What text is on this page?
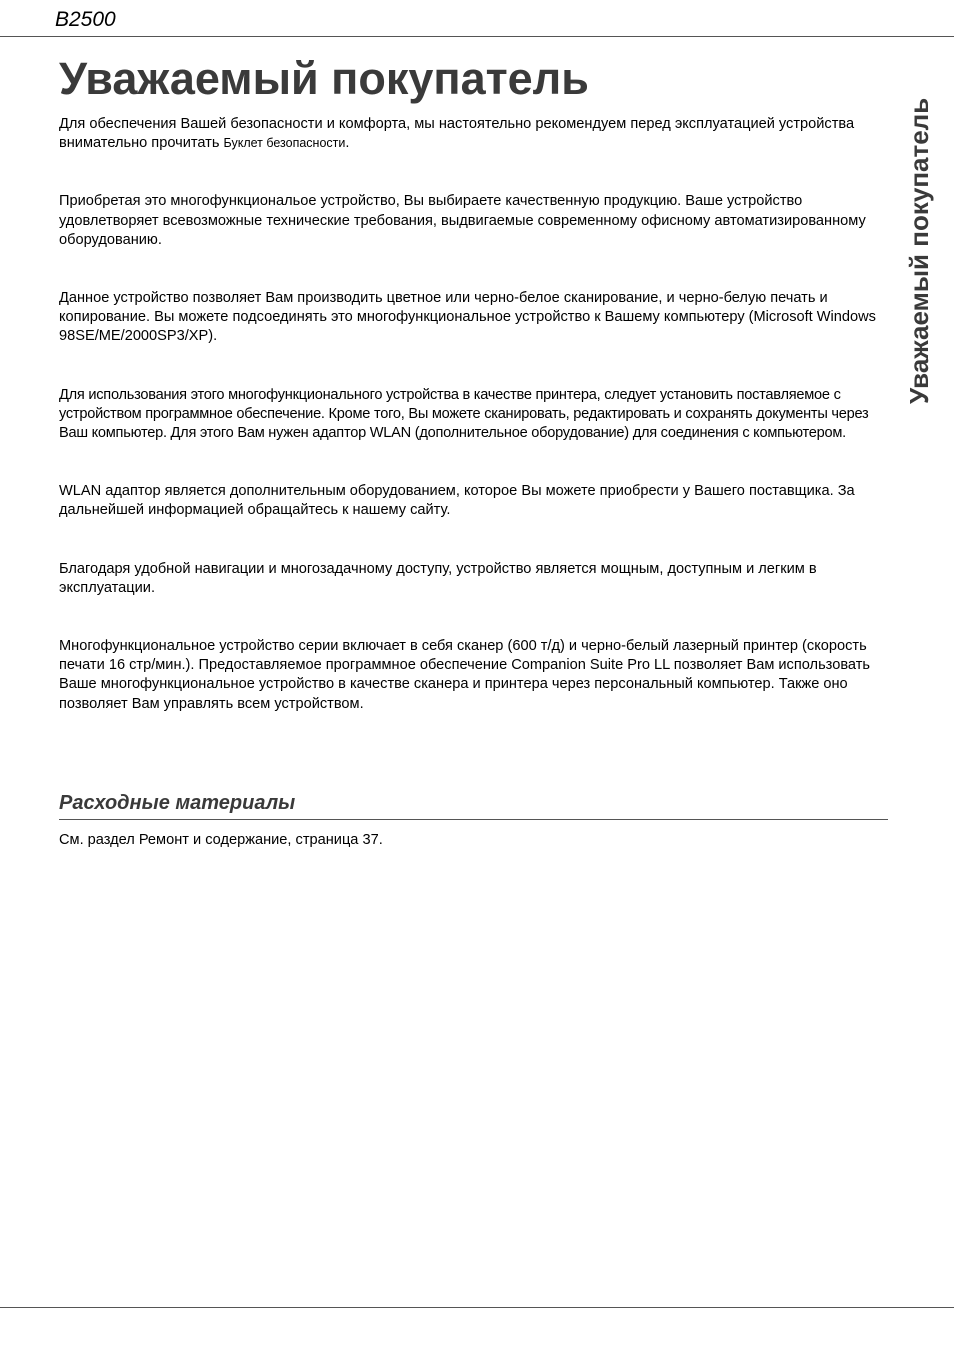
B2500
Уважаемый покупатель
Уважаемый покупатель

Для обеспечения Вашей безопасности и комфорта, мы настоятельно рекомендуем перед эксплуатацией устройства внимательно прочитать Буклет безопасности.

Приобретая это многофункциональое устройство, Вы выбираете качественную продукцию. Ваше устройство удовлетворяет всевозможные технические требования, выдвигаемые современному офисному автоматизированному оборудованию.

Данное устройство позволяет Вам производить цветное или черно-белое сканирование, и черно-белую печать и копирование. Вы можете подсоединять это многофункциональное устройство к Вашему компьютеру (Microsoft Windows 98SE/ME/2000SP3/XP).

Для использования этого многофункционального устройства в качестве принтера, следует установить поставляемое с устройством программное обеспечение. Кроме того, Вы можете сканировать, редактировать и сохранять документы через Ваш компьютер. Для этого Вам нужен адаптор WLAN (дополнительное оборудование) для соединения с компьютером.

WLAN адаптор является дополнительным оборудованием, которое Вы можете приобрести у Вашего поставщика. За дальнейшей информацией обращайтесь к нашему сайту.

Благодаря удобной навигации и многозадачному доступу, устройство является мощным, доступным и легким в эксплуатации.

Многофункциональное устройство серии включает в себя сканер (600 т/д) и черно-белый лазерный принтер (скорость печати 16 стр/мин.). Предоставляемое программное обеспечение Companion Suite Pro LL позволяет Вам использовать Ваше многофункциональное устройство в качестве сканера и принтера через персональный компьютер. Также оно позволяет Вам управлять всем устройством.

Расходные материалы

См. раздел Ремонт и содержание, страница 37.
